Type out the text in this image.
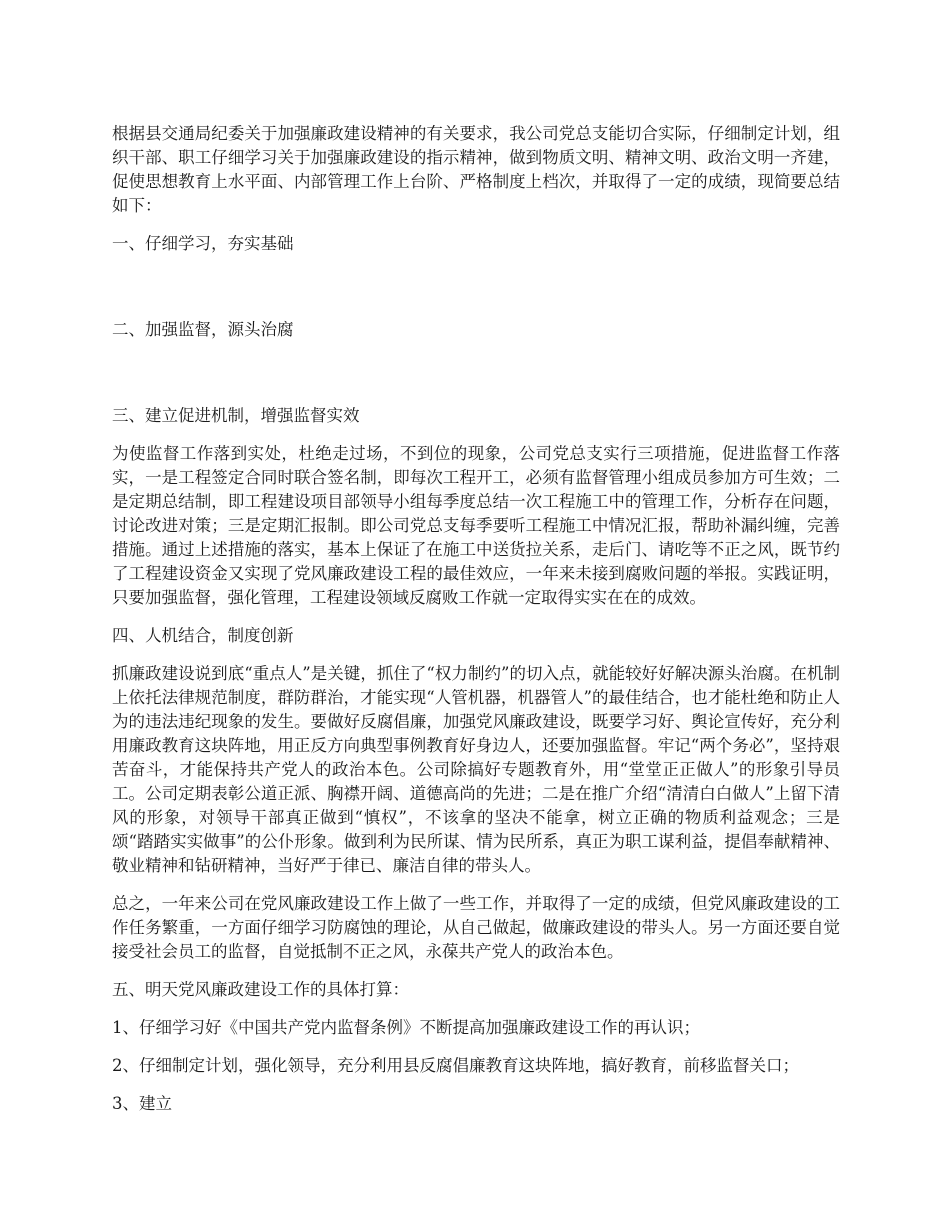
根据县交通局纪委关于加强廉政建设精神的有关要求，我公司党总支能切合实际，仔细制定计划，组织干部、职工仔细学习关于加强廉政建设的指示精神，做到物质文明、精神文明、政治文明一齐建，促使思想教育上水平面、内部管理工作上台阶、严格制度上档次，并取得了一定的成绩，现简要总结如下：

一、仔细学习，夯实基础

二、加强监督，源头治腐

三、建立促进机制，增强监督实效

为使监督工作落到实处，杜绝走过场，不到位的现象，公司党总支实行三项措施，促进监督工作落实，一是工程签定合同时联合签名制，即每次工程开工，必须有监督管理小组成员参加方可生效；二是定期总结制，即工程建设项目部领导小组每季度总结一次工程施工中的管理工作，分析存在问题，讨论改进对策；三是定期汇报制。即公司党总支每季要听工程施工中情况汇报，帮助补漏纠缠，完善措施。通过上述措施的落实，基本上保证了在施工中送货拉关系，走后门、请吃等不正之风，既节约了工程建设资金又实现了党风廉政建设工程的最佳效应，一年来未接到腐败问题的举报。实践证明，只要加强监督，强化管理，工程建设领域反腐败工作就一定取得实实在在的成效。

四、人机结合，制度创新

抓廉政建设说到底“重点人”是关键，抓住了“权力制约”的切入点，就能较好好解决源头治腐。在机制上依托法律规范制度，群防群治，才能实现“人管机器，机器管人”的最佳结合，也才能杜绝和防止人为的违法违纪现象的发生。要做好反腐倡廉，加强党风廉政建设，既要学习好、舆论宣传好，充分利用廉政教育这块阵地，用正反方向典型事例教育好身边人，还要加强监督。牢记“两个务必”，坚持艰苦奋斗，才能保持共产党人的政治本色。公司除搞好专题教育外，用“堂堂正正做人”的形象引导员工。公司定期表彰公道正派、胸襟开阔、道德高尚的先进；二是在推广介绍“清清白白做人”上留下清风的形象，对领导干部真正做到“慎权”，不该拿的坚决不能拿，树立正确的物质利益观念；三是颂“踏踏实实做事”的公仆形象。做到利为民所谋、情为民所系，真正为职工谋利益，提倡奉献精神、敬业精神和钻研精神，当好严于律已、廉洁自律的带头人。

总之，一年来公司在党风廉政建设工作上做了一些工作，并取得了一定的成绩，但党风廉政建设的工作任务繁重，一方面仔细学习防腐蚀的理论，从自己做起，做廉政建设的带头人。另一方面还要自觉接受社会员工的监督，自觉抵制不正之风，永葆共产党人的政治本色。

五、明天党风廉政建设工作的具体打算：

1、仔细学习好《中国共产党内监督条例》不断提高加强廉政建设工作的再认识；

2、仔细制定计划，强化领导，充分利用县反腐倡廉教育这块阵地，搞好教育，前移监督关口；

3、建立
